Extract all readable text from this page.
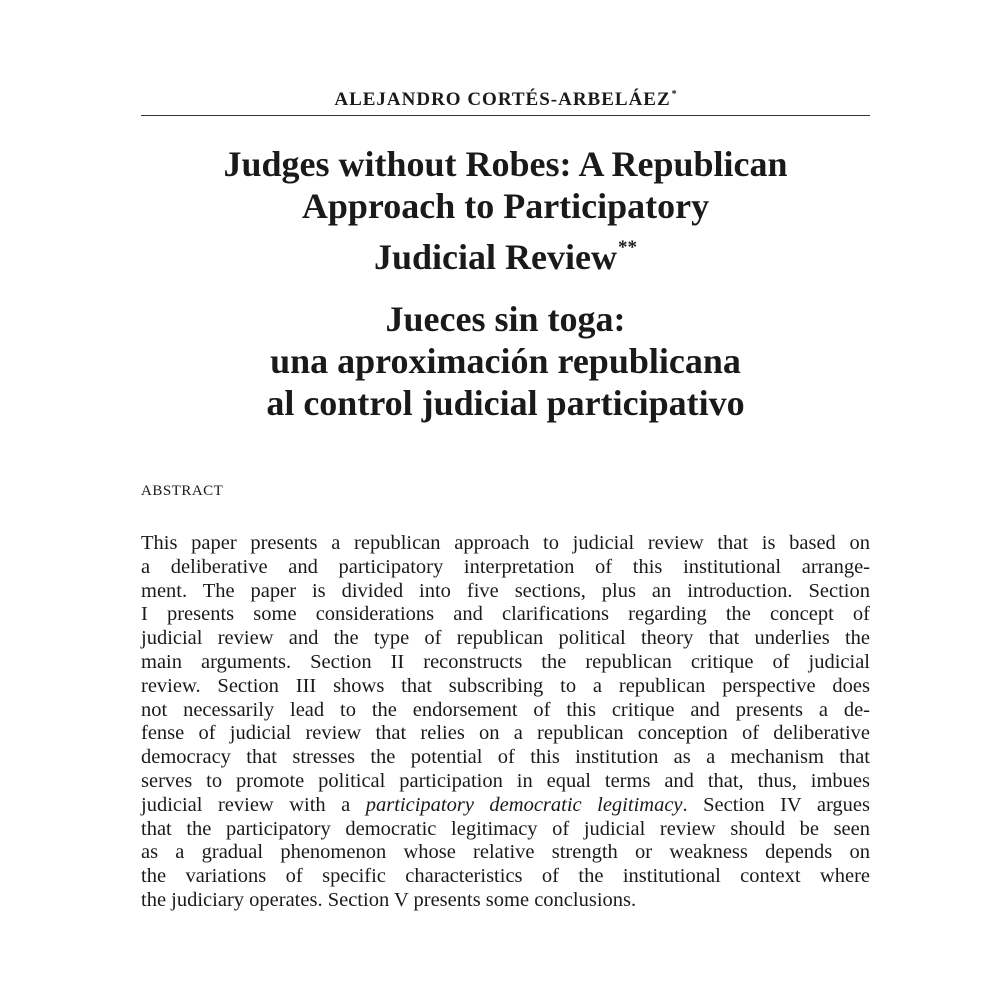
ALEJANDRO CORTÉS-ARBELÁEZ*
Judges without Robes: A Republican
Approach to Participatory
Judicial Review**
Jueces sin toga:
una aproximación republicana
al control judicial participativo
ABSTRACT
This paper presents a republican approach to judicial review that is based on
a deliberative and participatory interpretation of this institutional arrange-
ment. The paper is divided into five sections, plus an introduction. Section
I presents some considerations and clarifications regarding the concept of
judicial review and the type of republican political theory that underlies the
main arguments. Section II reconstructs the republican critique of judicial
review. Section III shows that subscribing to a republican perspective does
not necessarily lead to the endorsement of this critique and presents a de-
fense of judicial review that relies on a republican conception of deliberative
democracy that stresses the potential of this institution as a mechanism that
serves to promote political participation in equal terms and that, thus, imbues
judicial review with a participatory democratic legitimacy. Section IV argues
that the participatory democratic legitimacy of judicial review should be seen
as a gradual phenomenon whose relative strength or weakness depends on
the variations of specific characteristics of the institutional context where
the judiciary operates. Section V presents some conclusions.
